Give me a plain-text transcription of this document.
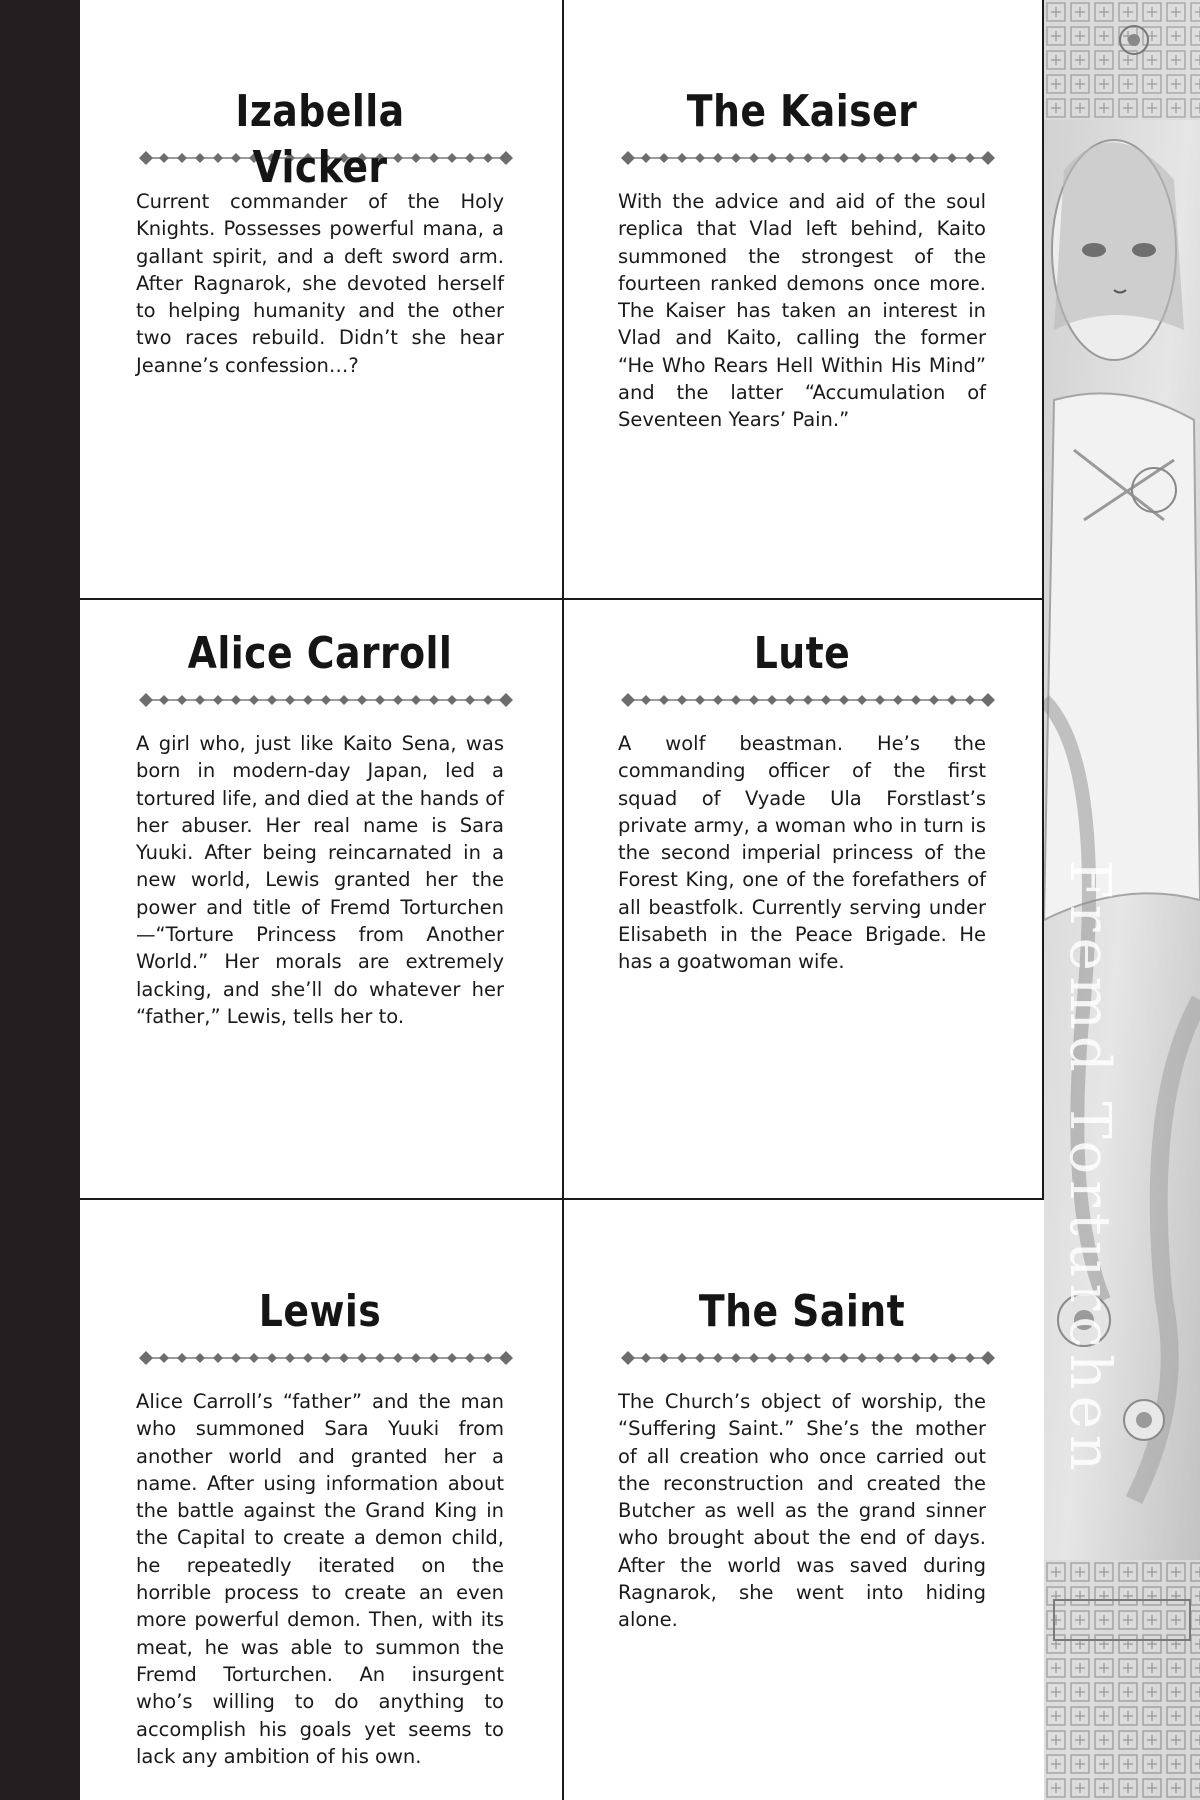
Izabella Vicker

Current commander of the Holy Knights. Possesses powerful mana, a gallant spirit, and a deft sword arm. After Ragnarok, she devoted herself to helping humanity and the other two races rebuild. Didn’t she hear Jeanne’s confession…?

The Kaiser

With the advice and aid of the soul replica that Vlad left behind, Kaito summoned the strongest of the fourteen ranked demons once more. The Kaiser has taken an interest in Vlad and Kaito, calling the former “He Who Rears Hell Within His Mind” and the latter “Accumulation of Seventeen Years’ Pain.”

Alice Carroll

A girl who, just like Kaito Sena, was born in modern-day Japan, led a tortured life, and died at the hands of her abuser. Her real name is Sara Yuuki. After being reincarnated in a new world, Lewis granted her the power and title of Fremd Torturchen—“Torture Princess from Another World.” Her morals are extremely lacking, and she’ll do whatever her “father,” Lewis, tells her to.

Lute

A wolf beastman. He’s the commanding officer of the first squad of Vyade Ula Forstlast’s private army, a woman who in turn is the second imperial princess of the Forest King, one of the forefathers of all beastfolk. Currently serving under Elisabeth in the Peace Brigade. He has a goatwoman wife.

Lewis

Alice Carroll’s “father” and the man who summoned Sara Yuuki from another world and granted her a name. After using information about the battle against the Grand King in the Capital to create a demon child, he repeatedly iterated on the horrible process to create an even more powerful demon. Then, with its meat, he was able to summon the Fremd Torturchen. An insurgent who’s willing to do anything to accomplish his goals yet seems to lack any ambition of his own.

The Saint

The Church’s object of worship, the “Suffering Saint.” She’s the mother of all creation who once carried out the reconstruction and created the Butcher as well as the grand sinner who brought about the end of days. After the world was saved during Ragnarok, she went into hiding alone.

Fremd Torturchen
